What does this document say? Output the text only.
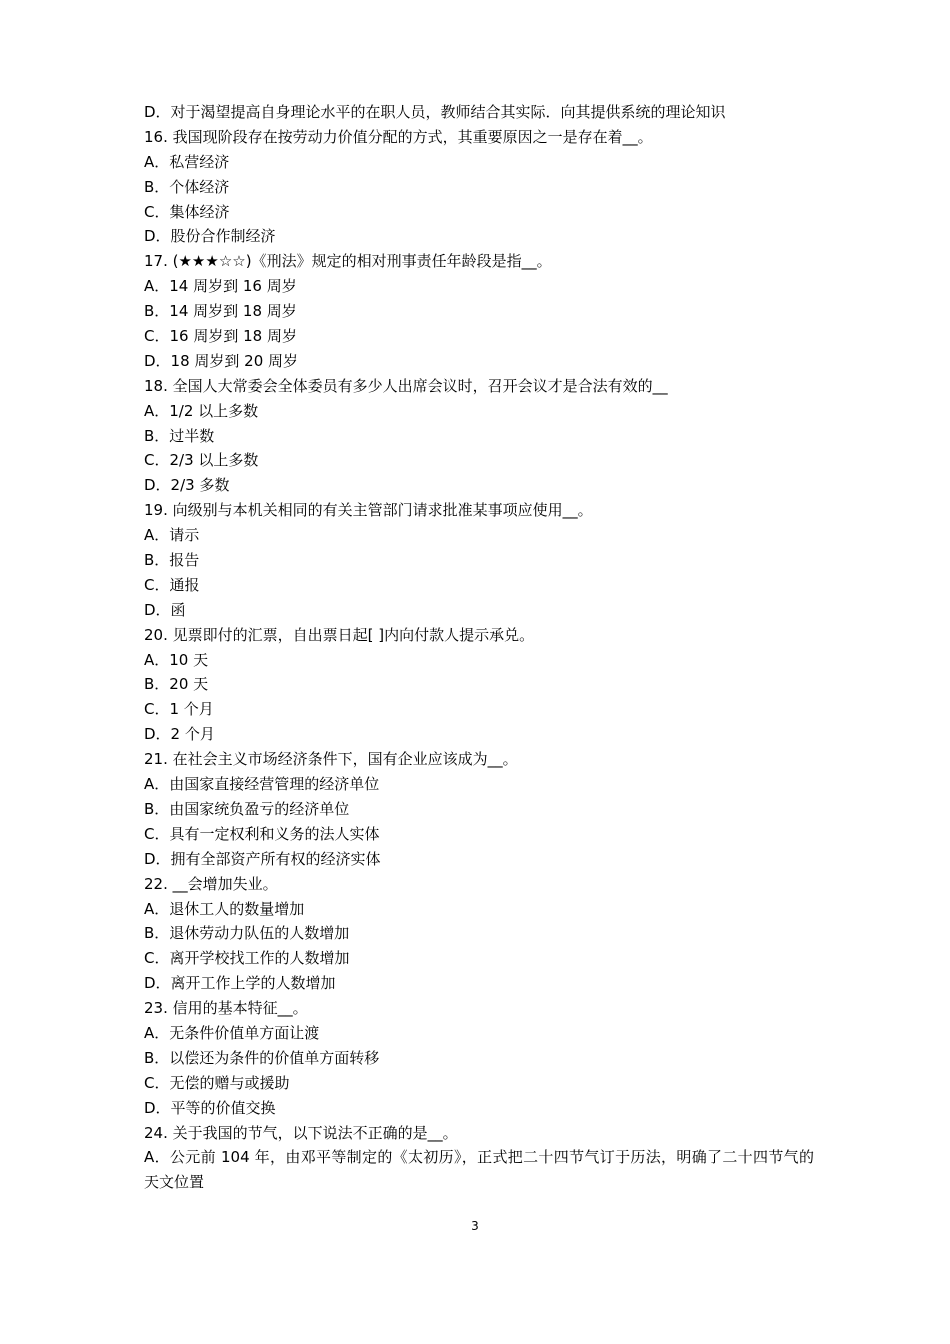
D．对于渴望提高自身理论水平的在职人员，教师结合其实际．向其提供系统的理论知识
16. 我国现阶段存在按劳动力价值分配的方式，其重要原因之一是存在着__。
A．私营经济
B．个体经济
C．集体经济
D．股份合作制经济
17. (★★★☆☆)《刑法》规定的相对刑事责任年龄段是指__。
A．14 周岁到 16 周岁
B．14 周岁到 18 周岁
C．16 周岁到 18 周岁
D．18 周岁到 20 周岁
18. 全国人大常委会全体委员有多少人出席会议时，召开会议才是合法有效的__
A．1/2 以上多数
B．过半数
C．2/3 以上多数
D．2/3 多数
19. 向级别与本机关相同的有关主管部门请求批准某事项应使用__。
A．请示
B．报告
C．通报
D．函
20. 见票即付的汇票，自出票日起[ ]内向付款人提示承兑。
A．10 天
B．20 天
C．1 个月
D．2 个月
21. 在社会主义市场经济条件下，国有企业应该成为__。
A．由国家直接经营管理的经济单位
B．由国家统负盈亏的经济单位
C．具有一定权利和义务的法人实体
D．拥有全部资产所有权的经济实体
22. __会增加失业。
A．退休工人的数量增加
B．退休劳动力队伍的人数增加
C．离开学校找工作的人数增加
D．离开工作上学的人数增加
23. 信用的基本特征__。
A．无条件价值单方面让渡
B．以偿还为条件的价值单方面转移
C．无偿的赠与或援助
D．平等的价值交换
24. 关于我国的节气，以下说法不正确的是__。
A．公元前 104 年，由邓平等制定的《太初历》，正式把二十四节气订于历法，明确了二十四节气的天文位置
3
